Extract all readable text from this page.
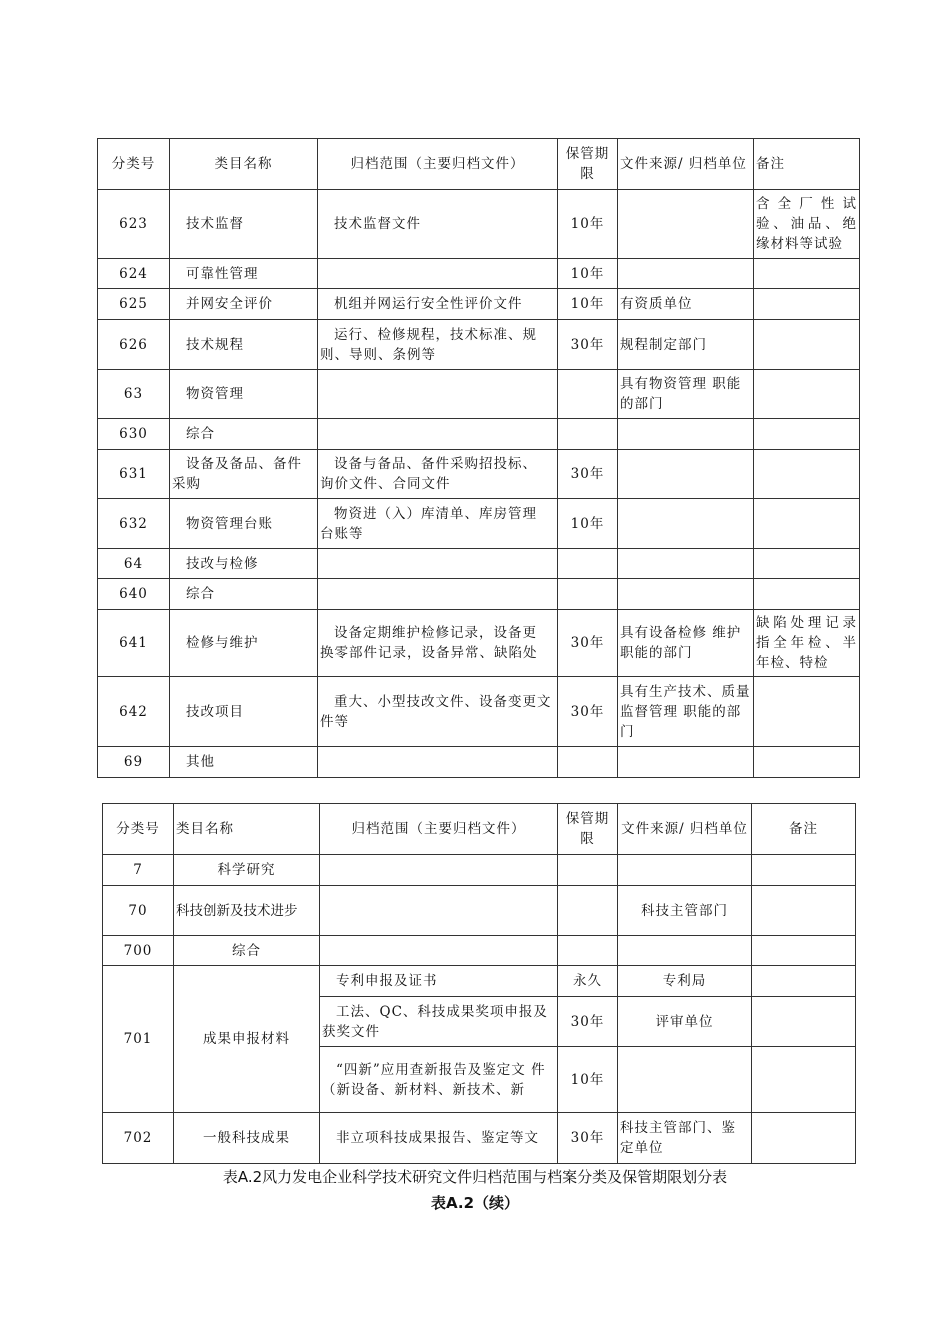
分类号	类目名称	归档范围（主要归档文件）	保管期限	文件来源/ 归档单位	备注
623	技术监督	技术监督文件	10年		含全厂性试验、油品、绝缘材料等试验
624	可靠性管理		10年		
625	并网安全评价	机组并网运行安全性评价文件	10年	有资质单位	
626	技术规程	运行、检修规程，技术标准、规 则、导则、条例等	30年	规程制定部门	
63	物资管理			具有物资管理 职能的部门	
630	综合				
631	设备及备品、备件采购	设备与备品、备件采购招投标、 询价文件、合同文件	30年		
632	物资管理台账	物资进（入）库清单、库房管理 台账等	10年		
64	技改与检修				
640	综合				
641	检修与维护	设备定期维护检修记录，设备更 换零部件记录，设备异常、缺陷处	30年	具有设备检修 维护职能的部门	缺陷处理记录指全年检、半年检、特检
642	技改项目	重大、小型技改文件、设备变更文件等	30年	具有生产技术、质量监督管理 职能的部门	
69	其他				
分类号	类目名称	归档范围（主要归档文件）	保管期限	文件来源/ 归档单位	备注
7	科学研究				
70	科技创新及技术进步			科技主管部门	
700	综合				
701	成果申报材料	专利申报及证书	永久	专利局	
		工法、QC、科技成果奖项申报及获奖文件	30年	评审单位	
		“四新”应用查新报告及鉴定文 件（新设备、新材料、新技术、新	10年		
702	一般科技成果	非立项科技成果报告、鉴定等文	30年	科技主管部门、鉴定单位	
表A.2风力发电企业科学技术研究文件归档范围与档案分类及保管期限划分表
表A.2（续）
